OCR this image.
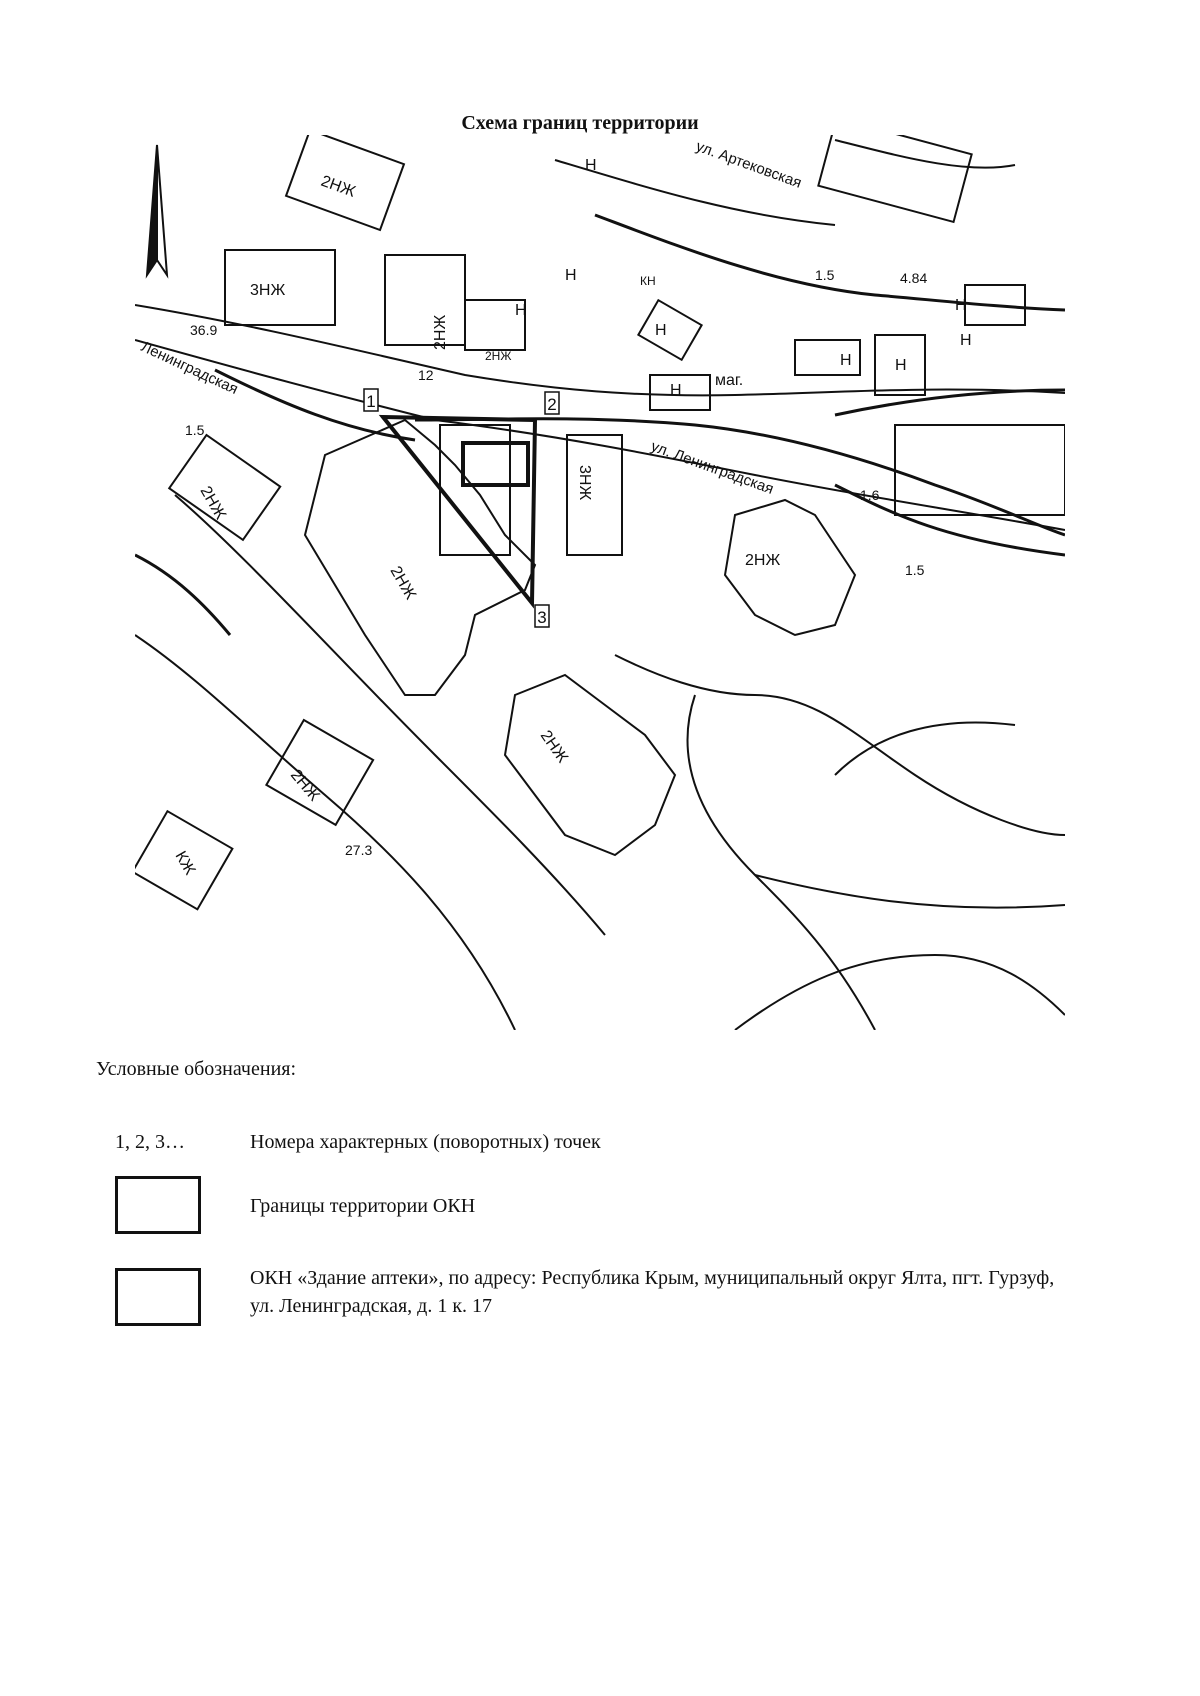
Схема границ территории
1	2
3
ул. Ленинградская
Ленинградская
ул. Артековская
2НЖ
3НЖ
2НЖ
2НЖ
2НЖ
2НЖ
2НЖ
3НЖ
2НЖ
КЖ
2НЖ
Н
Н
Н
Н
Н
Н	Н
Н
КН
Н
маг.
36.9
1.5
1.5
1.6
1.5
27.3
12
4.84
Условные обозначения:
1, 2, 3…	Номера характерных (поворотных) точек
Границы территории ОКН
ОКН «Здание аптеки», по адресу: Республика Крым, муниципальный округ Ялта, пгт. Гурзуф, ул. Ленинградская, д. 1 к. 17
